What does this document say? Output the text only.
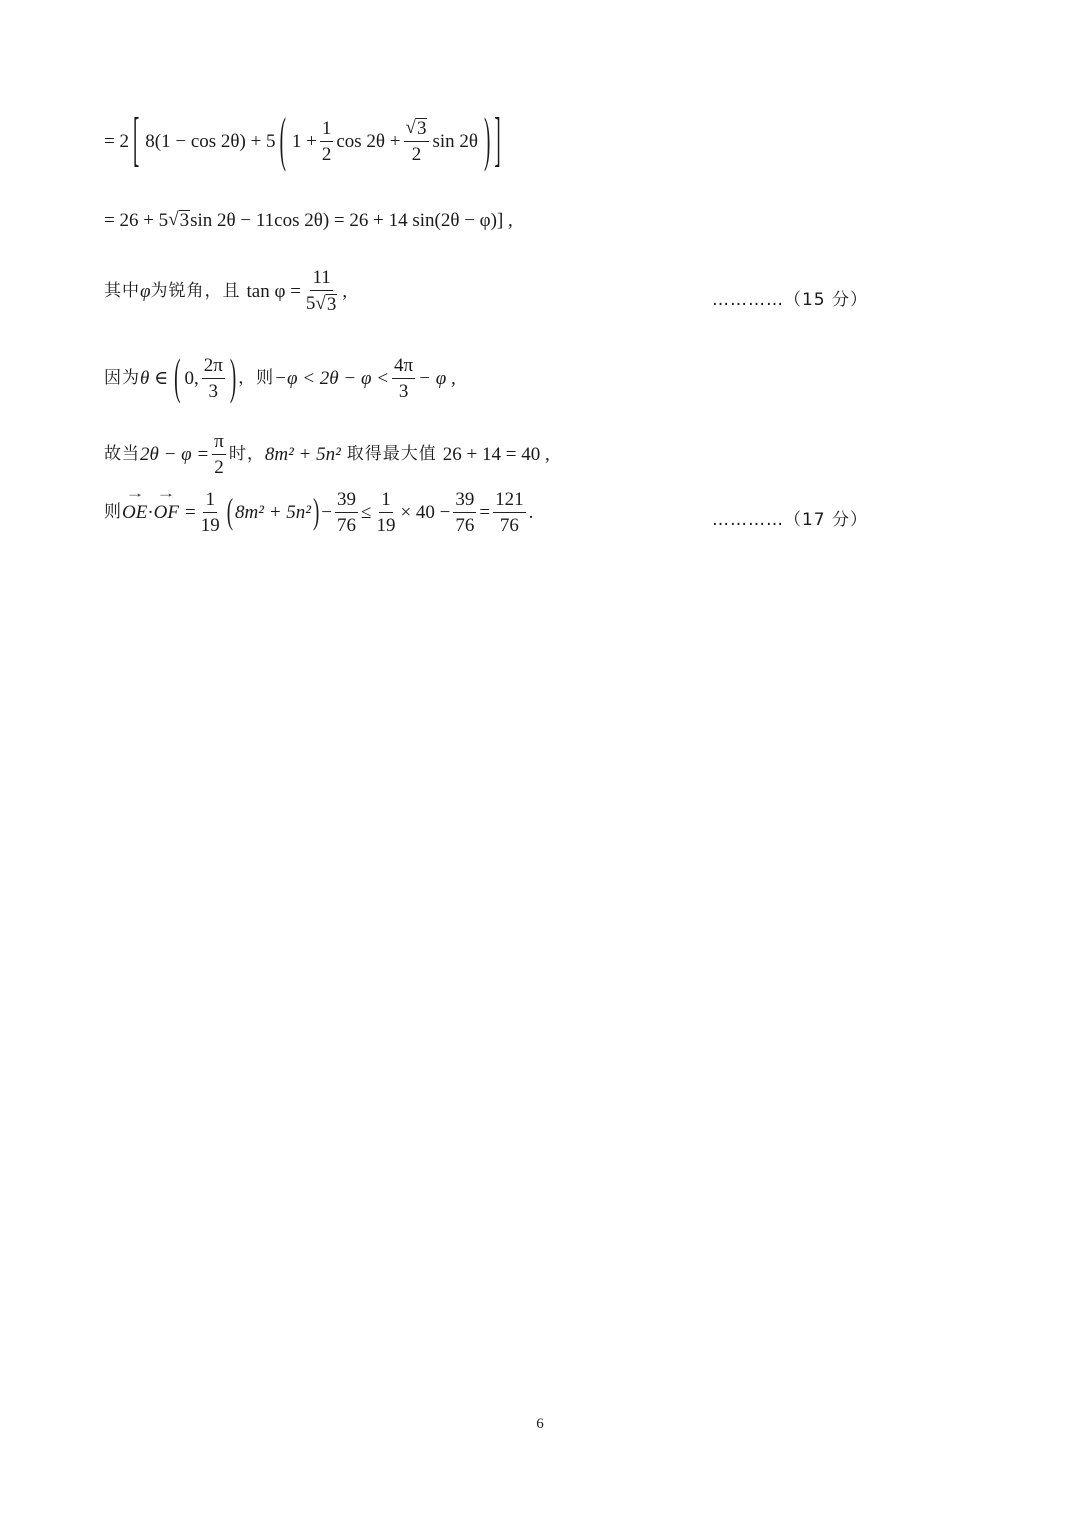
= 2 [ 8(1 − cos 2θ) + 5 ( $1 + \frac{1}{2}$ $\cos 2\theta + \frac{√ 3}{2}$ sin 2θ ) ]
= 26 + 5 √ 3 sin 2θ − 11cos 2θ) = 26 + 14 sin(2θ − φ)] ,
其中 φ 为锐角，且 $\tan \varphi = \frac{11}{5 √ 3}$ ,	…………（15 分）
因为 θ ∈ ( 0, $\frac{2\pi}{3}$ ) ，则 $-\varphi < 2\theta - \varphi < \frac{4\pi}{3} - \varphi$ ,
故当 $2\theta - \varphi = \frac{\pi}{2}$ 时， 8m² + 5n² 取得最大值 26 + 14 = 40 ,
则 OE → · OF → = $\frac{1}{19}$ ( 8m² + 5n² ) − $\frac{39}{76} \le \frac{1}{19} \times 40 - \frac{39}{76} = \frac{121}{76}$ .	…………（17 分）
6
